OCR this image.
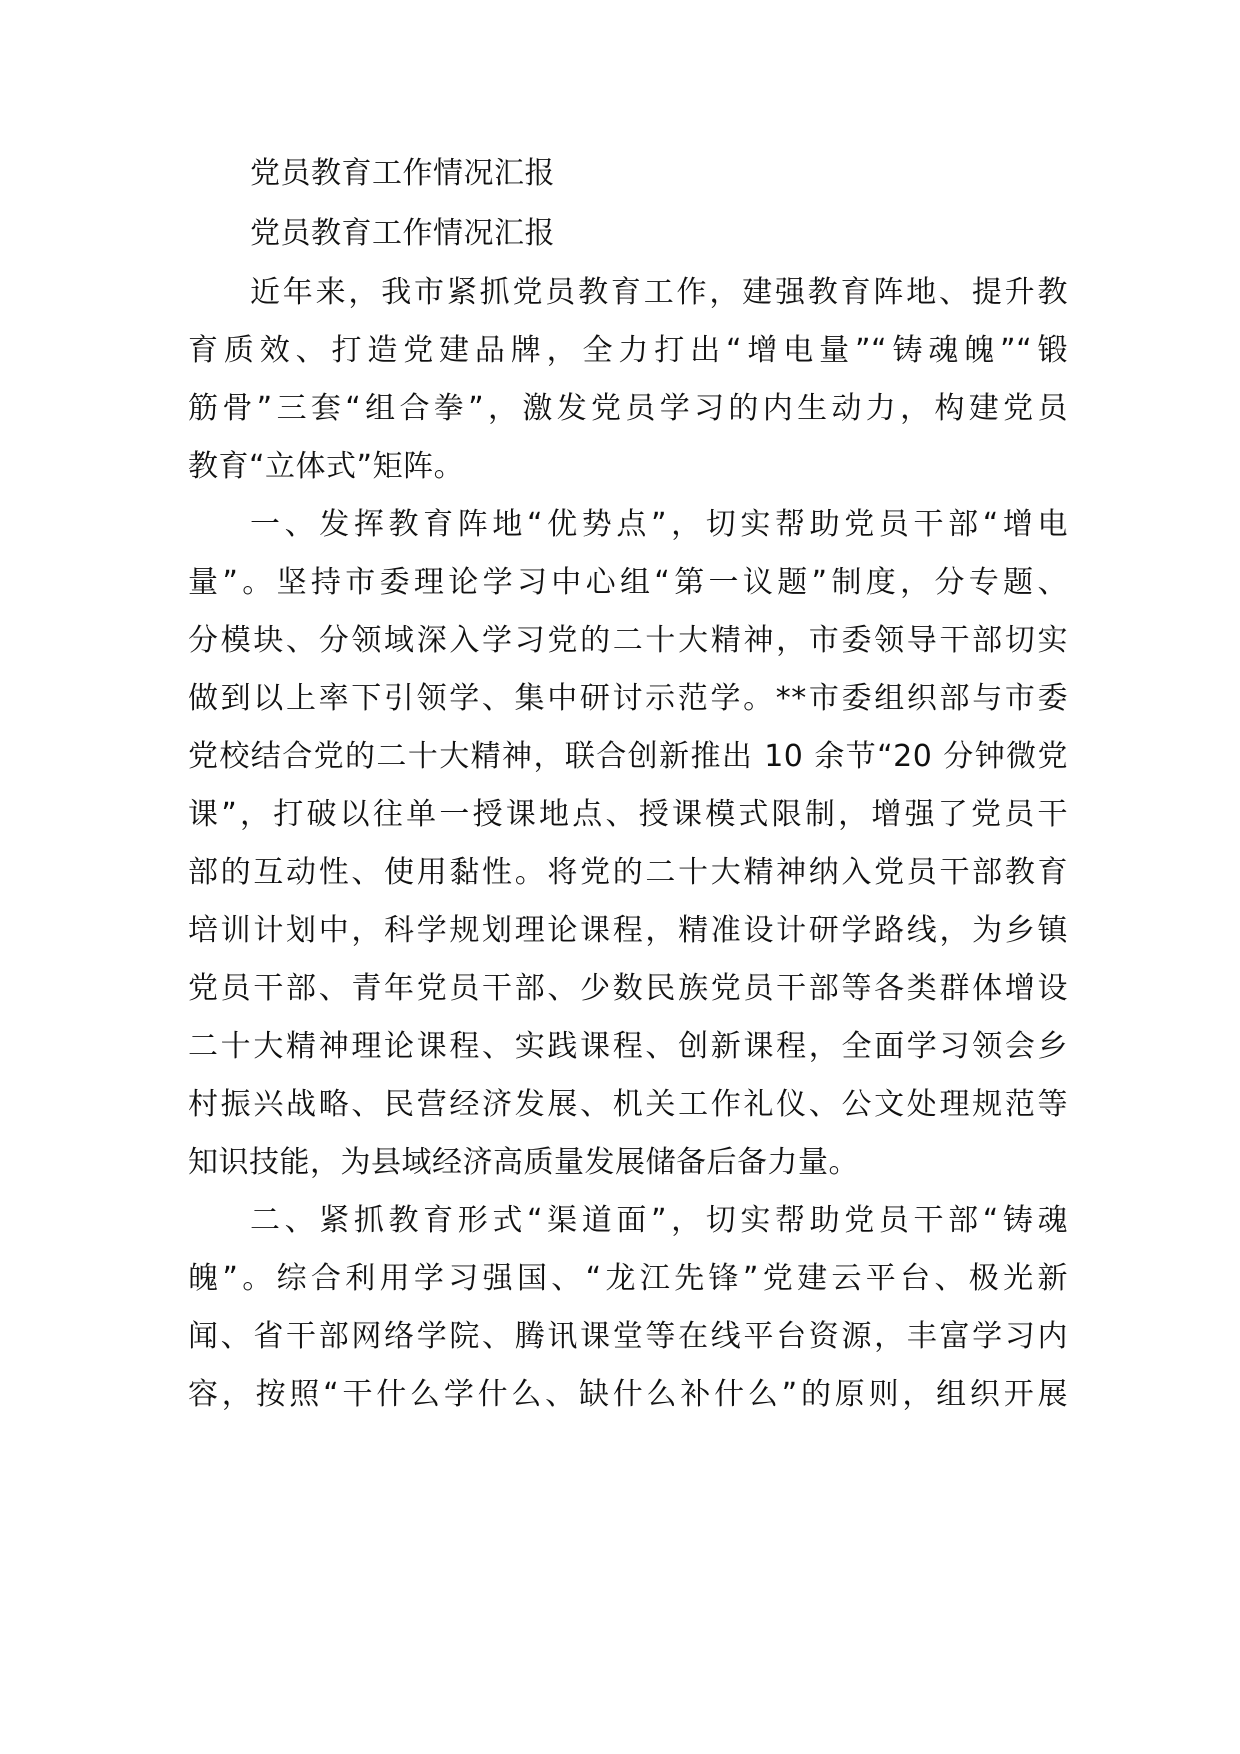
党员教育工作情况汇报
党员教育工作情况汇报
近年来，我市紧抓党员教育工作，建强教育阵地、提升教
育质效、打造党建品牌，全力打出“增电量”“铸魂魄”“锻
筋骨”三套“组合拳”，激发党员学习的内生动力，构建党员
教育“立体式”矩阵。
一、发挥教育阵地“优势点”，切实帮助党员干部“增电
量”。坚持市委理论学习中心组“第一议题”制度，分专题、
分模块、分领域深入学习党的二十大精神，市委领导干部切实
做到以上率下引领学、集中研讨示范学。**市委组织部与市委
党校结合党的二十大精神，联合创新推出 10 余节“20 分钟微党
课”，打破以往单一授课地点、授课模式限制，增强了党员干
部的互动性、使用黏性。将党的二十大精神纳入党员干部教育
培训计划中，科学规划理论课程，精准设计研学路线，为乡镇
党员干部、青年党员干部、少数民族党员干部等各类群体增设
二十大精神理论课程、实践课程、创新课程，全面学习领会乡
村振兴战略、民营经济发展、机关工作礼仪、公文处理规范等
知识技能，为县域经济高质量发展储备后备力量。
二、紧抓教育形式“渠道面”，切实帮助党员干部“铸魂
魄”。综合利用学习强国、“龙江先锋”党建云平台、极光新
闻、省干部网络学院、腾讯课堂等在线平台资源，丰富学习内
容，按照“干什么学什么、缺什么补什么”的原则，组织开展
